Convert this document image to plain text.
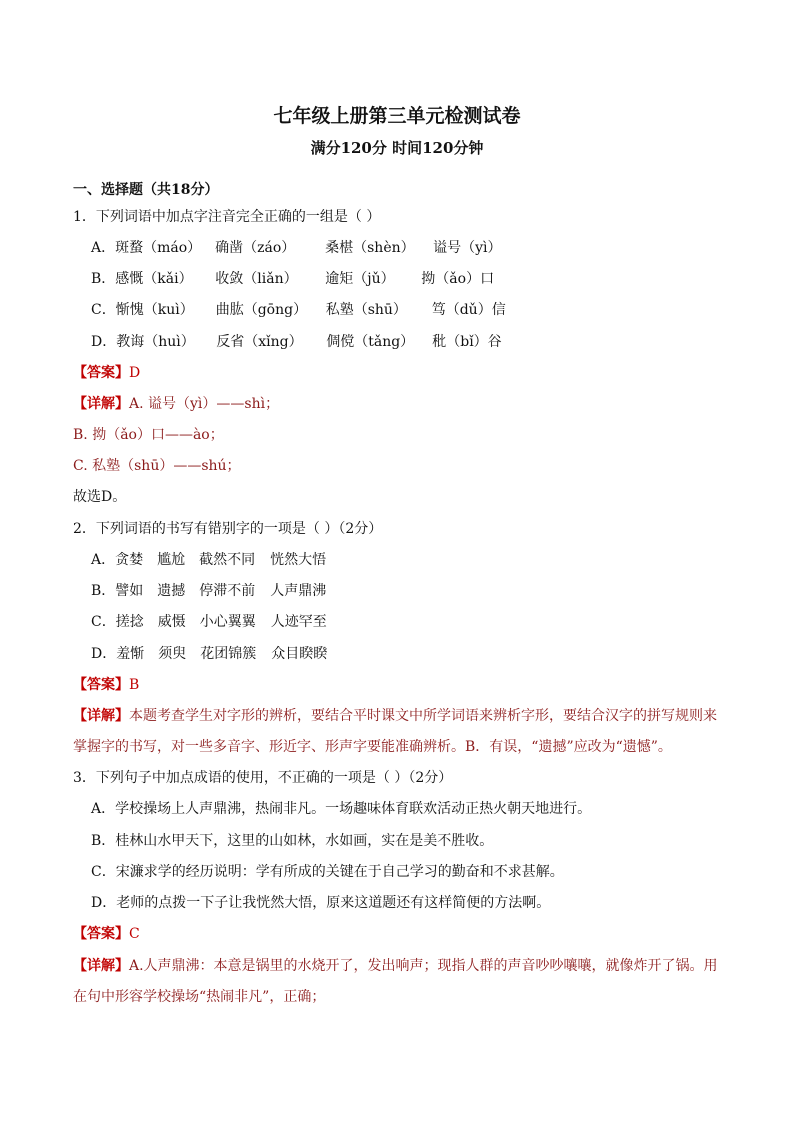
七年级上册第三单元检测试卷
满分120分 时间120分钟
一、选择题（共18分）
1．下列词语中加点字注音完全正确的一组是（ ）
A．斑蝥（máo） 确凿（záo） 桑椹（shèn） 谥号（yì）
B．感慨（kǎi） 收敛（liǎn） 逾矩（jǔ） 拗（ǎo）口
C．惭愧（kuì） 曲肱（gōng） 私塾（shū） 笃（dǔ）信
D．教诲（huì） 反省（xǐng） 倜傥（tǎng） 秕（bǐ）谷
【答案】D
【详解】A. 谥号（yì）——shì；
B. 拗（ǎo）口——ào；
C. 私塾（shū）——shú；
故选D。
2．下列词语的书写有错别字的一项是（ ）（2分）
A．贪婪 尴尬 截然不同 恍然大悟
B．譬如 遗撼 停滞不前 人声鼎沸
C．搓捻 威慑 小心翼翼 人迹罕至
D．羞惭 须臾 花团锦簇 众目睽睽
【答案】B
【详解】本题考查学生对字形的辨析，要结合平时课文中所学词语来辨析字形，要结合汉字的拼写规则来
掌握字的书写，对一些多音字、形近字、形声字要能准确辨析。B．有误，“遗撼”应改为“遗憾”。
3．下列句子中加点成语的使用，不正确的一项是（ ）（2分）
A．学校操场上人声鼎沸，热闹非凡。一场趣味体育联欢活动正热火朝天地进行。
B．桂林山水甲天下，这里的山如林，水如画，实在是美不胜收。
C．宋濂求学的经历说明：学有所成的关键在于自己学习的勤奋和不求甚解。
D．老师的点拨一下子让我恍然大悟，原来这道题还有这样简便的方法啊。
【答案】C
【详解】A.人声鼎沸：本意是锅里的水烧开了，发出响声；现指人群的声音吵吵嚷嚷，就像炸开了锅。用
在句中形容学校操场“热闹非凡”，正确；
